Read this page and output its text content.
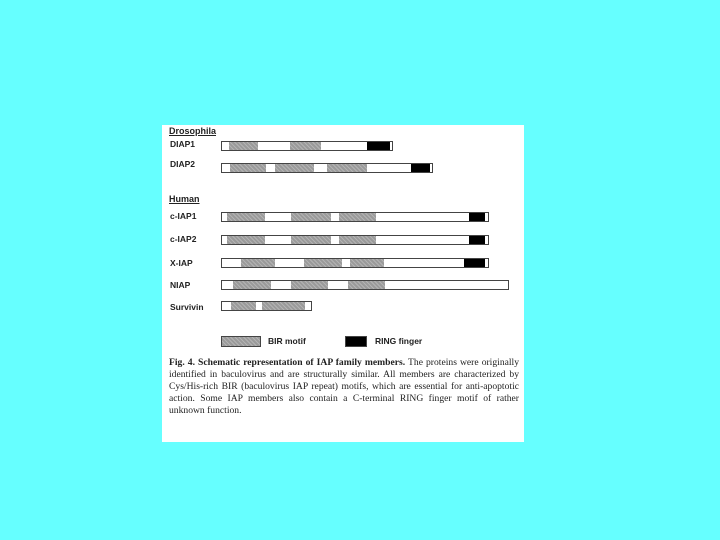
Drosophila
Human
DIAP1
DIAP2
c-IAP1
c-IAP2
X-IAP
NIAP
Survivin
BIR motif	RING finger
Fig. 4. Schematic representation of IAP family members. The proteins were originally identified in baculovirus and are structurally similar. All members are characterized by Cys/His-rich BIR (baculovirus IAP repeat) motifs, which are essential for anti-apoptotic action. Some IAP members also contain a C-terminal RING finger motif of rather unknown function.
